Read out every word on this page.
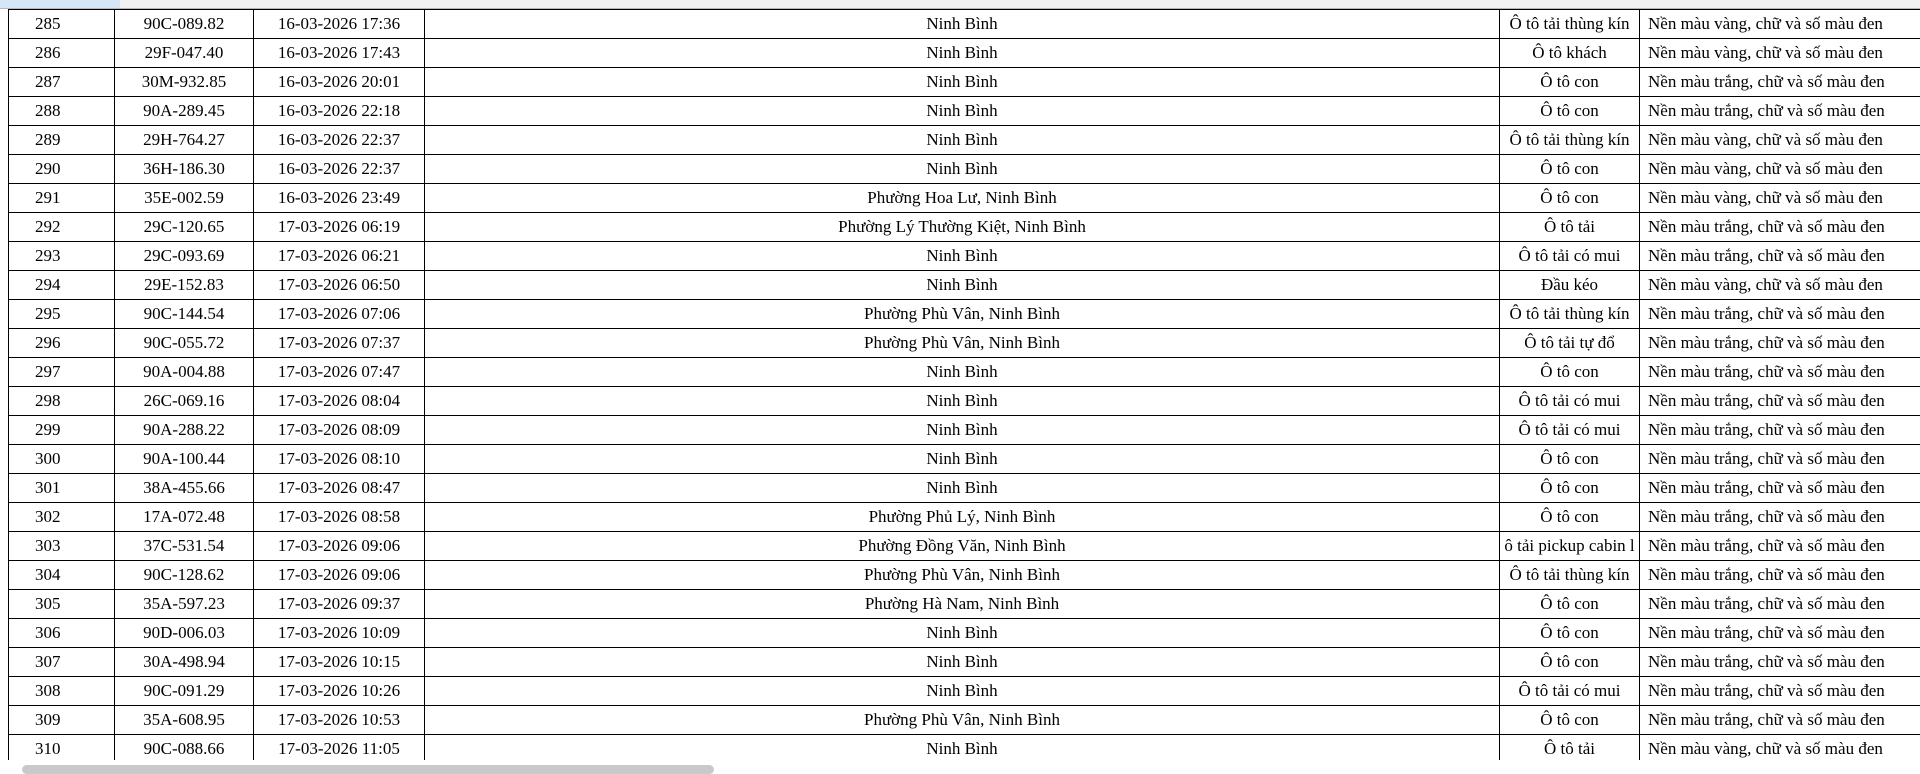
285	90C-089.82	16-03-2026 17:36	Ninh Bình	Ô tô tải thùng kín	Nền màu vàng, chữ và số màu đen
286	29F-047.40	16-03-2026 17:43	Ninh Bình	Ô tô khách	Nền màu vàng, chữ và số màu đen
287	30M-932.85	16-03-2026 20:01	Ninh Bình	Ô tô con	Nền màu trắng, chữ và số màu đen
288	90A-289.45	16-03-2026 22:18	Ninh Bình	Ô tô con	Nền màu trắng, chữ và số màu đen
289	29H-764.27	16-03-2026 22:37	Ninh Bình	Ô tô tải thùng kín	Nền màu vàng, chữ và số màu đen
290	36H-186.30	16-03-2026 22:37	Ninh Bình	Ô tô con	Nền màu vàng, chữ và số màu đen
291	35E-002.59	16-03-2026 23:49	Phường Hoa Lư, Ninh Bình	Ô tô con	Nền màu vàng, chữ và số màu đen
292	29C-120.65	17-03-2026 06:19	Phường Lý Thường Kiệt, Ninh Bình	Ô tô tải	Nền màu trắng, chữ và số màu đen
293	29C-093.69	17-03-2026 06:21	Ninh Bình	Ô tô tải có mui	Nền màu trắng, chữ và số màu đen
294	29E-152.83	17-03-2026 06:50	Ninh Bình	Đầu kéo	Nền màu vàng, chữ và số màu đen
295	90C-144.54	17-03-2026 07:06	Phường Phù Vân, Ninh Bình	Ô tô tải thùng kín	Nền màu trắng, chữ và số màu đen
296	90C-055.72	17-03-2026 07:37	Phường Phù Vân, Ninh Bình	Ô tô tải tự đổ	Nền màu trắng, chữ và số màu đen
297	90A-004.88	17-03-2026 07:47	Ninh Bình	Ô tô con	Nền màu trắng, chữ và số màu đen
298	26C-069.16	17-03-2026 08:04	Ninh Bình	Ô tô tải có mui	Nền màu trắng, chữ và số màu đen
299	90A-288.22	17-03-2026 08:09	Ninh Bình	Ô tô tải có mui	Nền màu trắng, chữ và số màu đen
300	90A-100.44	17-03-2026 08:10	Ninh Bình	Ô tô con	Nền màu trắng, chữ và số màu đen
301	38A-455.66	17-03-2026 08:47	Ninh Bình	Ô tô con	Nền màu trắng, chữ và số màu đen
302	17A-072.48	17-03-2026 08:58	Phường Phủ Lý, Ninh Bình	Ô tô con	Nền màu trắng, chữ và số màu đen
303	37C-531.54	17-03-2026 09:06	Phường Đồng Văn, Ninh Bình	ô tải pickup cabin l	Nền màu trắng, chữ và số màu đen
304	90C-128.62	17-03-2026 09:06	Phường Phù Vân, Ninh Bình	Ô tô tải thùng kín	Nền màu trắng, chữ và số màu đen
305	35A-597.23	17-03-2026 09:37	Phường Hà Nam, Ninh Bình	Ô tô con	Nền màu trắng, chữ và số màu đen
306	90D-006.03	17-03-2026 10:09	Ninh Bình	Ô tô con	Nền màu trắng, chữ và số màu đen
307	30A-498.94	17-03-2026 10:15	Ninh Bình	Ô tô con	Nền màu trắng, chữ và số màu đen
308	90C-091.29	17-03-2026 10:26	Ninh Bình	Ô tô tải có mui	Nền màu trắng, chữ và số màu đen
309	35A-608.95	17-03-2026 10:53	Phường Phù Vân, Ninh Bình	Ô tô con	Nền màu trắng, chữ và số màu đen
310	90C-088.66	17-03-2026 11:05	Ninh Bình	Ô tô tải	Nền màu vàng, chữ và số màu đen
